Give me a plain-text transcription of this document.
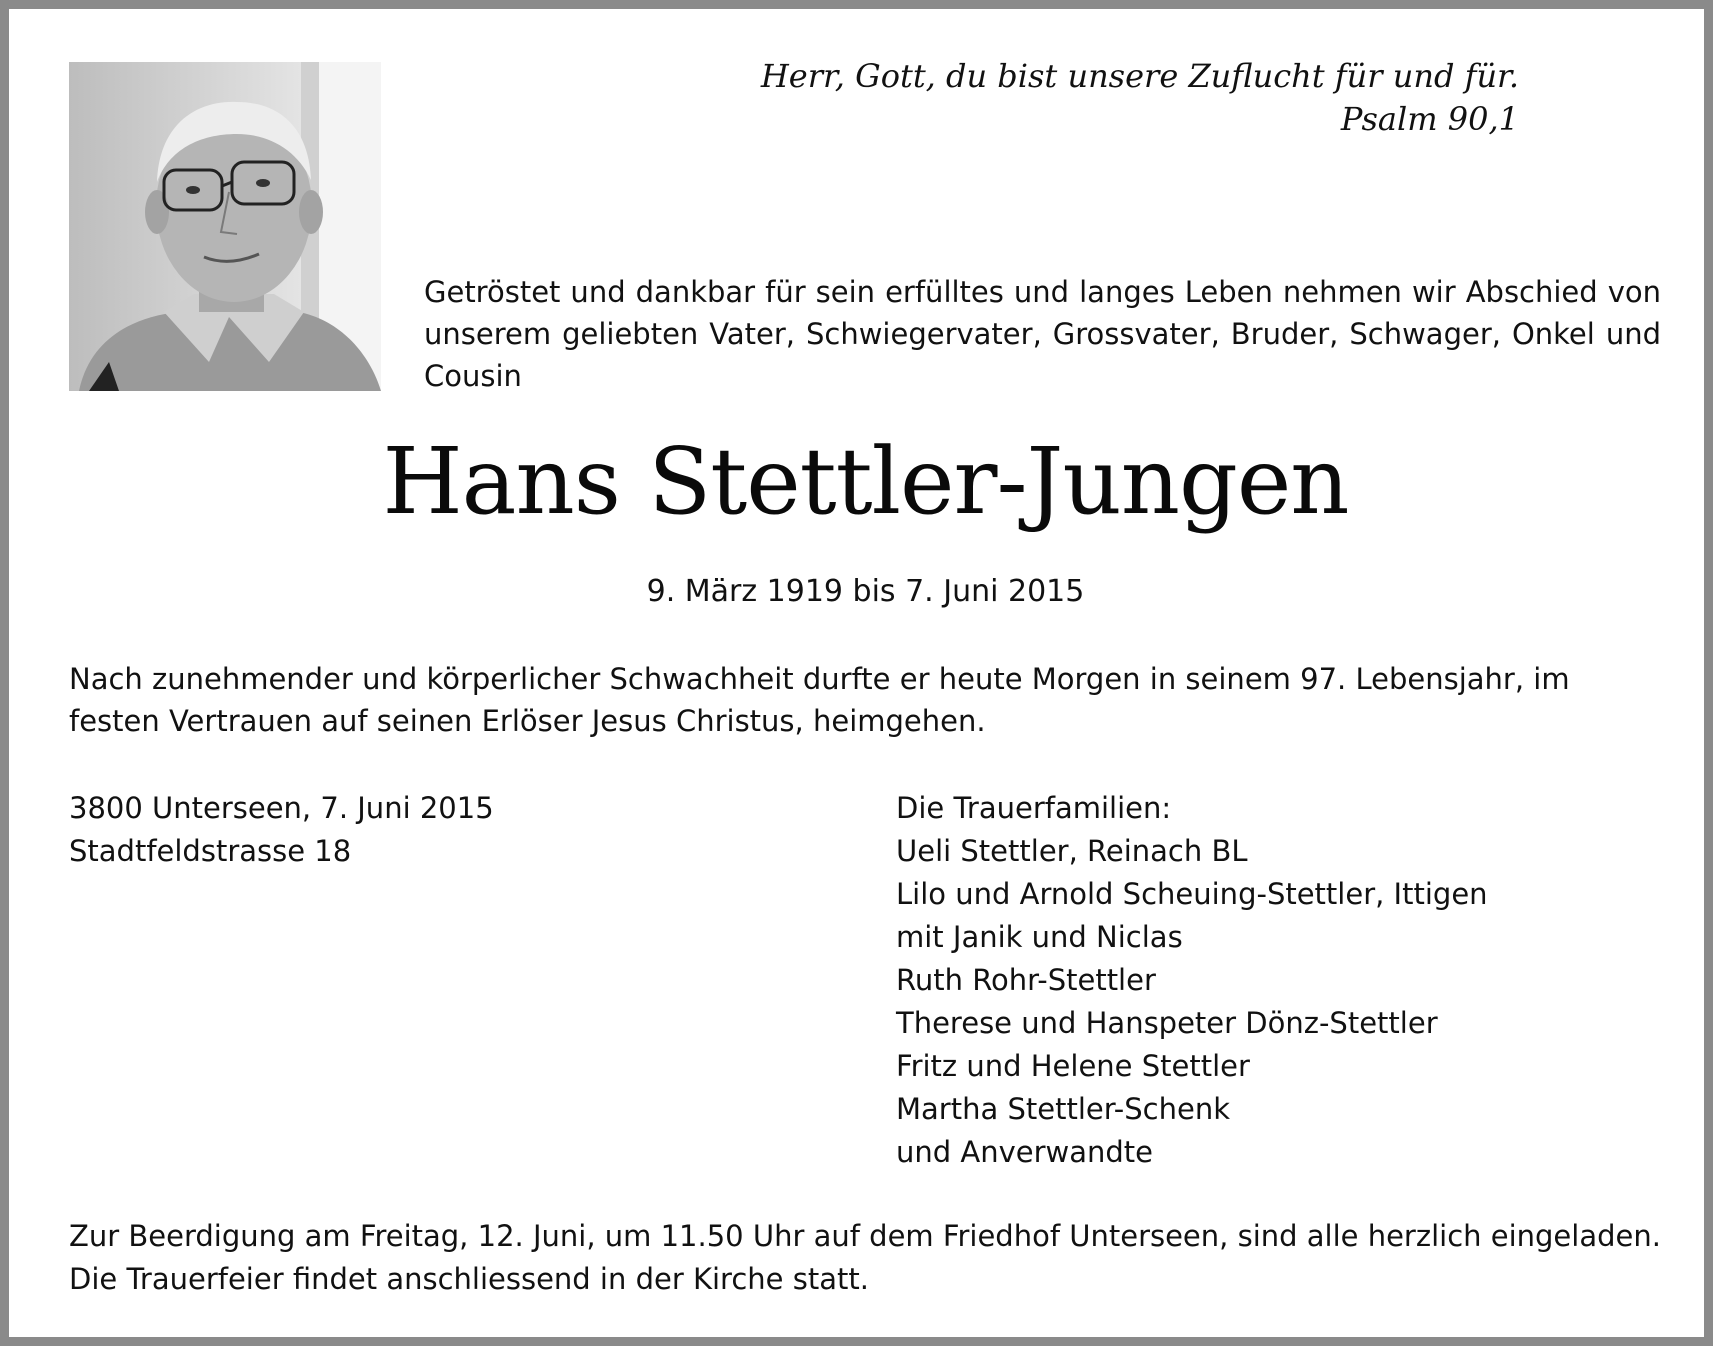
Herr, Gott, du bist unsere Zuflucht für und für.
Psalm 90,1
Getröstet und dankbar für sein erfülltes und langes Leben nehmen wir Abschied von unserem geliebten Vater, Schwiegervater, Grossvater, Bruder, Schwager, Onkel und Cousin
Hans Stettler-Jungen
9. März 1919 bis 7. Juni 2015
Nach zunehmender und körperlicher Schwachheit durfte er heute Morgen in seinem 97. Lebensjahr, im festen Vertrauen auf seinen Erlöser Jesus Christus, heimgehen.
3800 Unterseen, 7. Juni 2015
Stadtfeldstrasse 18
Die Trauerfamilien:
Ueli Stettler, Reinach BL
Lilo und Arnold Scheuing-Stettler, Ittigen
mit Janik und Niclas
Ruth Rohr-Stettler
Therese und Hanspeter Dönz-Stettler
Fritz und Helene Stettler
Martha Stettler-Schenk
und Anverwandte
Zur Beerdigung am Freitag, 12. Juni, um 11.50 Uhr auf dem Friedhof Unterseen, sind alle herzlich eingeladen.
Die Trauerfeier findet anschliessend in der Kirche statt.
